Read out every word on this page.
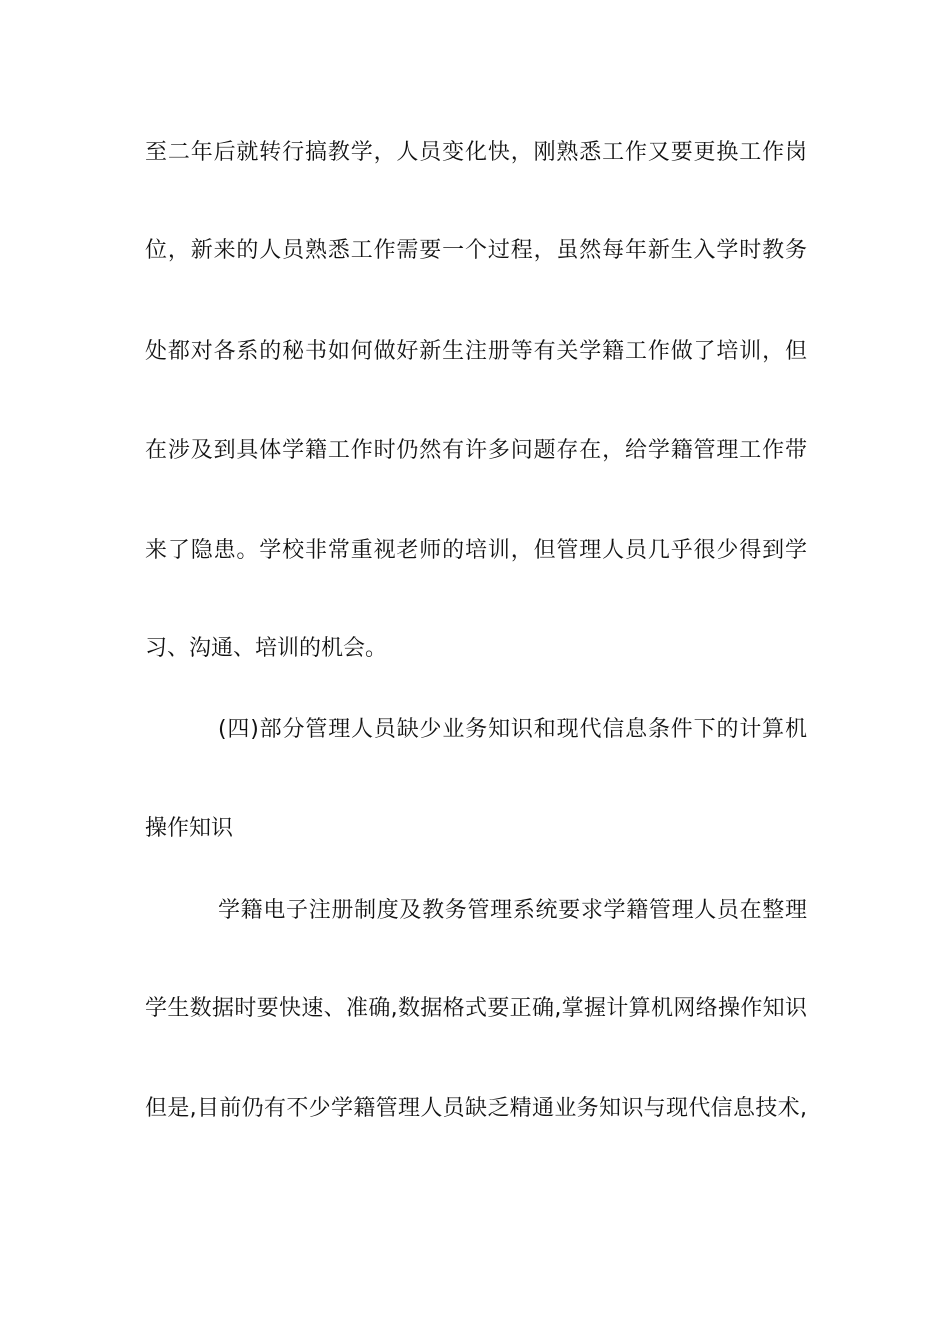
至二年后就转行搞教学，人员变化快，刚熟悉工作又要更换工作岗
位，新来的人员熟悉工作需要一个过程，虽然每年新生入学时教务
处都对各系的秘书如何做好新生注册等有关学籍工作做了培训，但
在涉及到具体学籍工作时仍然有许多问题存在，给学籍管理工作带
来了隐患。学校非常重视老师的培训，但管理人员几乎很少得到学
习、沟通、培训的机会。
(四)部分管理人员缺少业务知识和现代信息条件下的计算机
操作知识
学籍电子注册制度及教务管理系统要求学籍管理人员在整理
学生数据时要快速、准确,数据格式要正确,掌握计算机网络操作知识
但是,目前仍有不少学籍管理人员缺乏精通业务知识与现代信息技术,
